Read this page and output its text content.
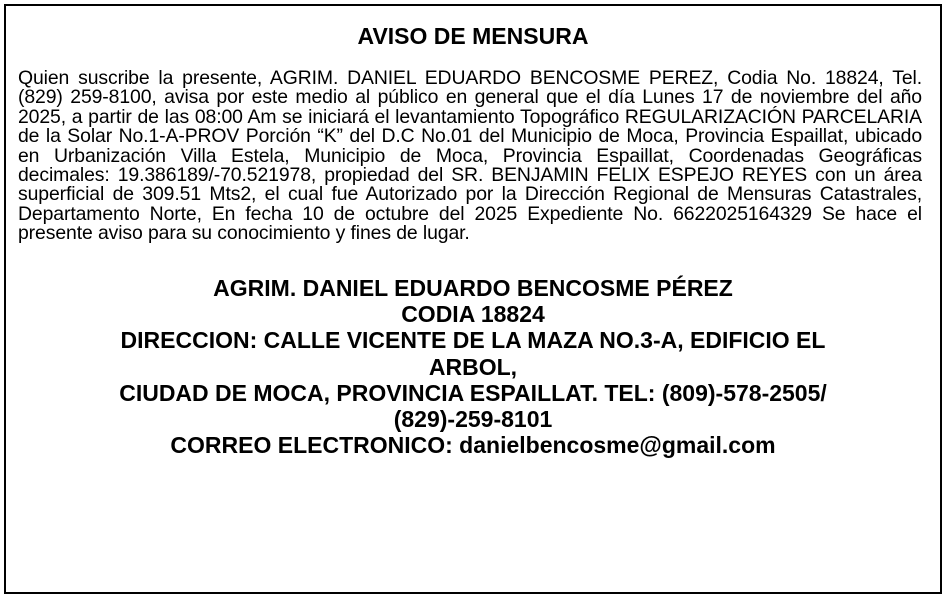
AVISO DE MENSURA
Quien suscribe la presente, AGRIM. DANIEL EDUARDO BENCOSME PEREZ, Codia No. 18824, Tel. (829) 259-8100, avisa por este medio al público en general que el día Lunes 17 de noviembre del año 2025, a partir de las 08:00 Am se iniciará el levantamiento Topográfico REGULARIZACIÓN PARCELARIA de la Solar No.1-A-PROV Porción “K” del D.C No.01 del Municipio de Moca, Provincia Espaillat, ubicado en Urbanización Villa Estela, Municipio de Moca, Provincia Espaillat, Coordenadas Geográficas decimales: 19.386189/-70.521978, propiedad del SR. BENJAMIN FELIX ESPEJO REYES con un área superficial de 309.51 Mts2, el cual fue Autorizado por la Dirección Regional de Mensuras Catastrales, Departamento Norte, En fecha 10 de octubre del 2025 Expediente No. 6622025164329 Se hace el presente aviso para su conocimiento y fines de lugar.
AGRIM. DANIEL EDUARDO BENCOSME PÉREZ
CODIA 18824
DIRECCION: CALLE VICENTE DE LA MAZA NO.3-A, EDIFICIO EL
ARBOL,
CIUDAD DE MOCA, PROVINCIA ESPAILLAT. TEL: (809)-578-2505/
(829)-259-8101
CORREO ELECTRONICO: danielbencosme@gmail.com
